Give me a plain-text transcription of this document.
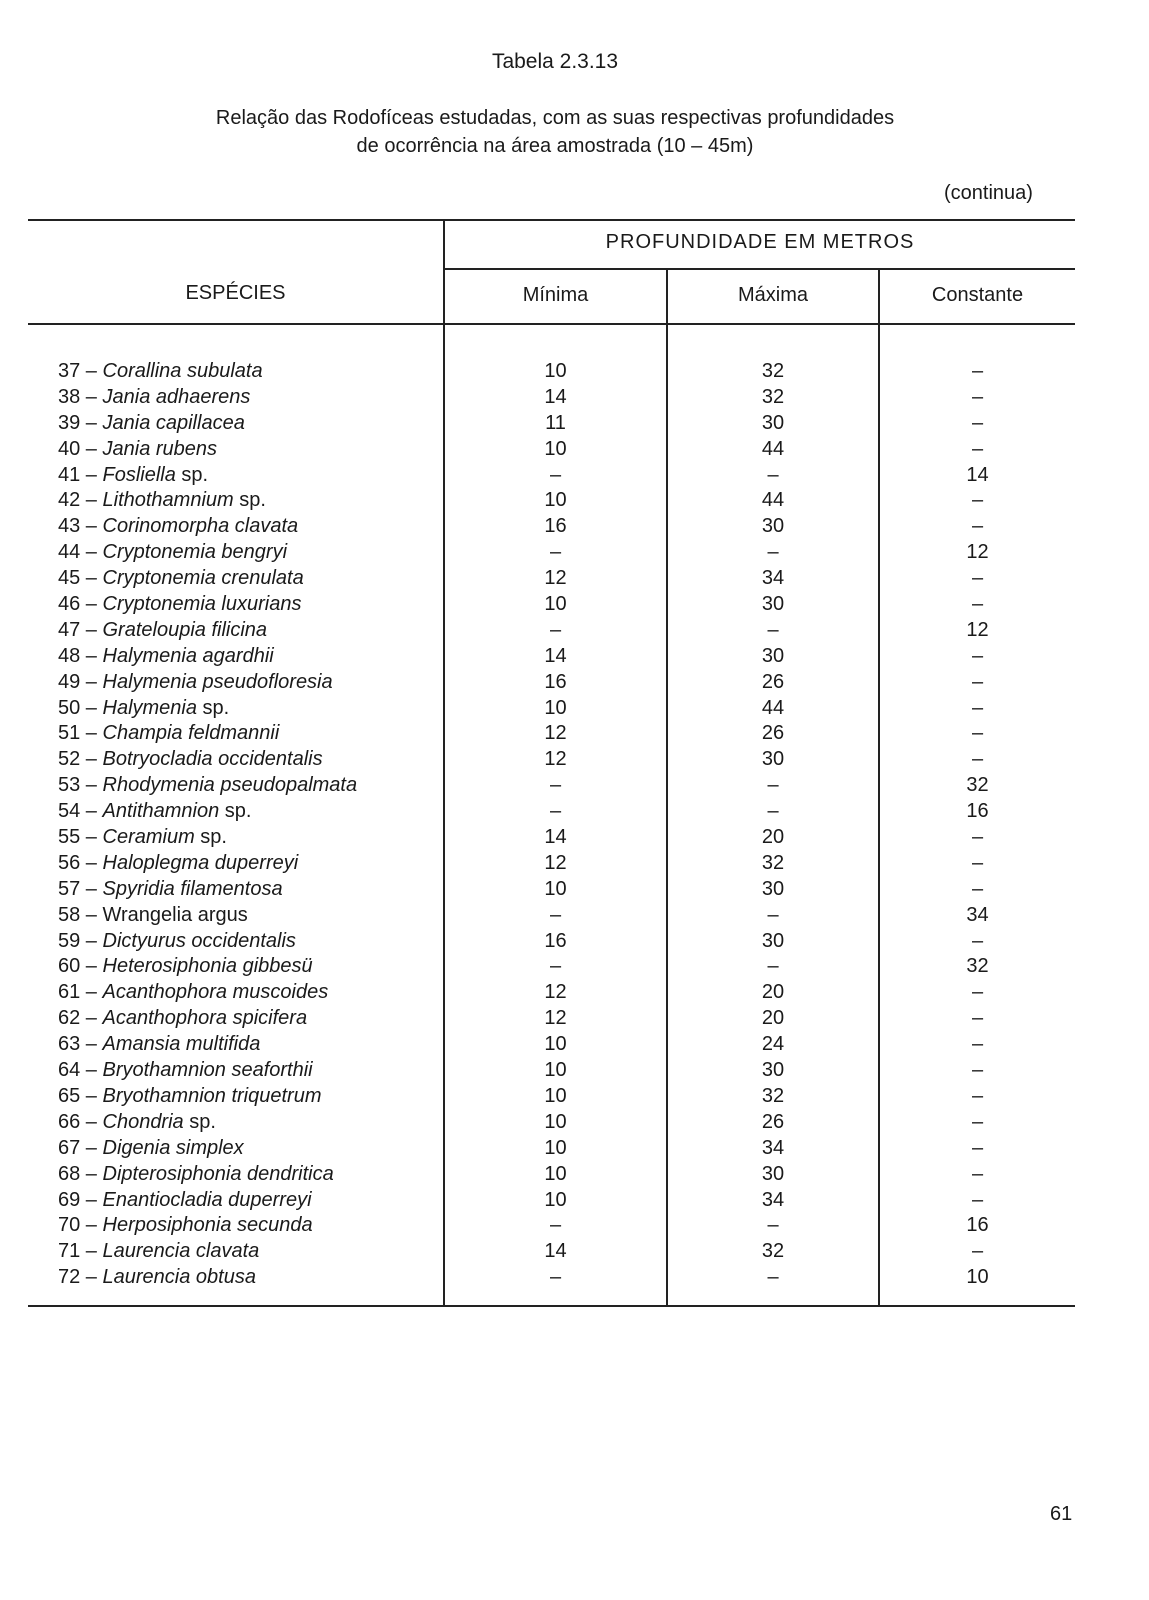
Tabela 2.3.13
Relação das Rodofíceas estudadas, com as suas respectivas profundidades
de ocorrência na área amostrada (10 – 45m)
(continua)
ESPÉCIES
PROFUNDIDADE EM METROS
Mínima	Máxima	Constante
37 – Corallina subulata	10	32	–
38 – Jania adhaerens	14	32	–
39 – Jania capillacea	11	30	–
40 – Jania rubens	10	44	–
41 – Fosliella sp.	–	–	14
42 – Lithothamnium sp.	10	44	–
43 – Corinomorpha clavata	16	30	–
44 – Cryptonemia bengryi	–	–	12
45 – Cryptonemia crenulata	12	34	–
46 – Cryptonemia luxurians	10	30	–
47 – Grateloupia filicina	–	–	12
48 – Halymenia agardhii	14	30	–
49 – Halymenia pseudofloresia	16	26	–
50 – Halymenia sp.	10	44	–
51 – Champia feldmannii	12	26	–
52 – Botryocladia occidentalis	12	30	–
53 – Rhodymenia pseudopalmata	–	–	32
54 – Antithamnion sp.	–	–	16
55 – Ceramium sp.	14	20	–
56 – Haloplegma duperreyi	12	32	–
57 – Spyridia filamentosa	10	30	–
58 – Wrangelia argus	–	–	34
59 – Dictyurus occidentalis	16	30	–
60 – Heterosiphonia gibbesü	–	–	32
61 – Acanthophora muscoides	12	20	–
62 – Acanthophora spicifera	12	20	–
63 – Amansia multifida	10	24	–
64 – Bryothamnion seaforthii	10	30	–
65 – Bryothamnion triquetrum	10	32	–
66 – Chondria sp.	10	26	–
67 – Digenia simplex	10	34	–
68 – Dipterosiphonia dendritica	10	30	–
69 – Enantiocladia duperreyi	10	34	–
70 – Herposiphonia secunda	–	–	16
71 – Laurencia clavata	14	32	–
72 – Laurencia obtusa	–	–	10
61
